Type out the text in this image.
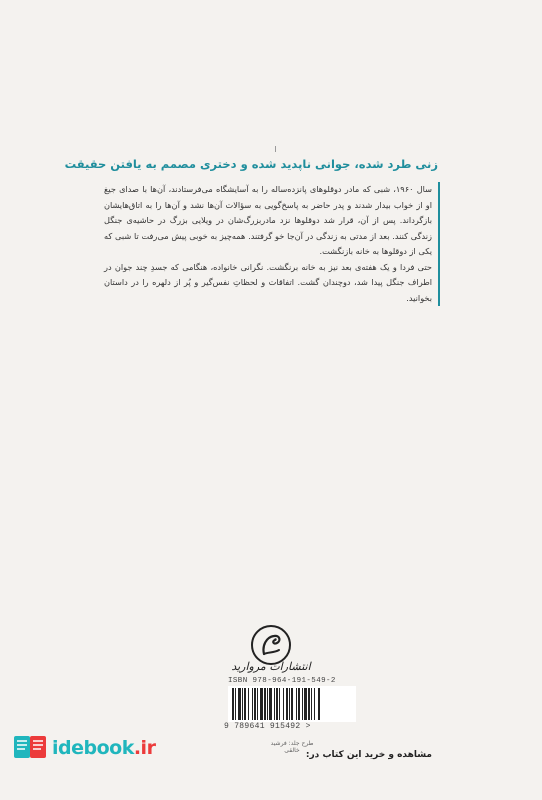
زنی طرد شده، جوانی ناپدید شده و دختری مصمم به یافتن حقیقت
سال ۱۹۶۰، شبی که مادر دوقلوهای پانزده‌ساله را به آسایشگاه می‌فرستادند، آن‌ها با صدای جیغ او از خواب بیدار شدند و پدر حاضر به پاسخ‌گویی به سؤالات آن‌ها نشد و آن‌ها را به اتاق‌هایشان بازگرداند. پس از آن، قرار شد دوقلوها نزد مادربزرگ‌شان در ویلایی بزرگ در حاشیه‌ی جنگل زندگی کنند. بعد از مدتی به زندگی در آن‌جا خو گرفتند. همه‌چیز به خوبی پیش می‌رفت تا شبی که یکی از دوقلوها به خانه بازنگشت.
حتی فردا و یک هفته‌ی بعد نیز به خانه برنگشت. نگرانی خانواده، هنگامی که جسدِ چند جوان در اطراف جنگل پیدا شد، دوچندان گشت. اتفاقات و لحظاتِ نفس‌گیر و پُر از دلهره را در داستان بخوانید.
انتشارات مروارید
ISBN 978-964-191-549-2
9 789641 915492 >
طرح جلد: فرشید خالقی
idebook.ir	مشاهده و خرید این کتاب در:
